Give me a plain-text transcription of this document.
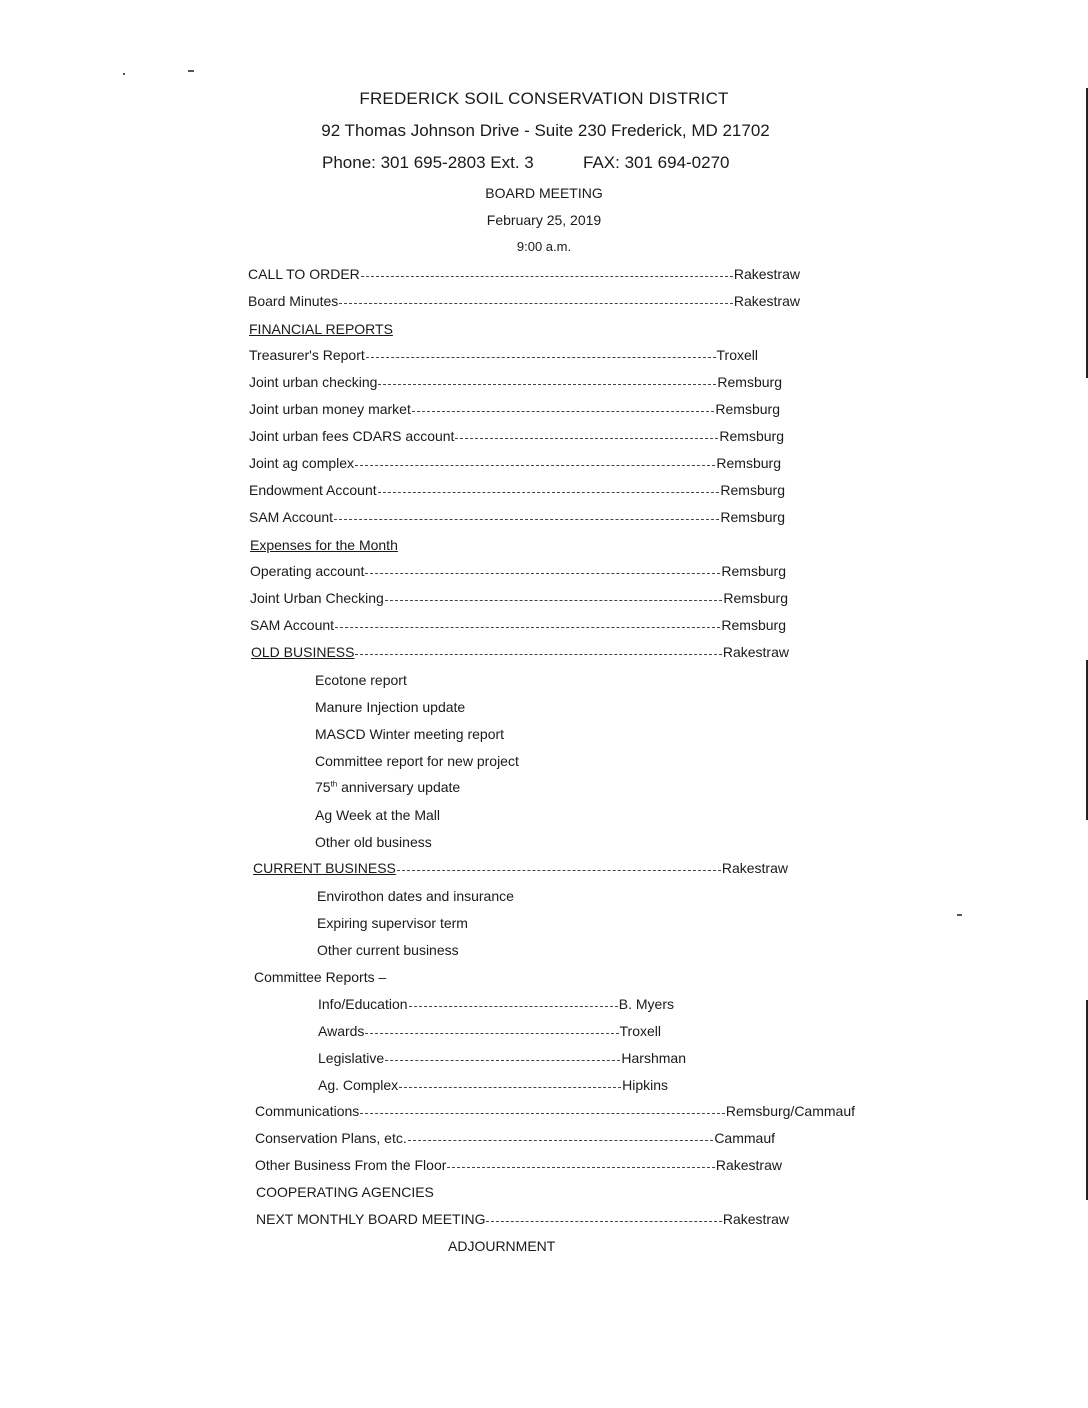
FREDERICK SOIL CONSERVATION DISTRICT
92 Thomas Johnson Drive - Suite 230 Frederick, MD 21702
Phone: 301 695-2803 Ext. 3	FAX: 301 694-0270
BOARD MEETING
February 25, 2019
9:00 a.m.
CALL TO ORDER	Rakestraw
Board Minutes	Rakestraw
FINANCIAL REPORTS
Treasurer's Report	Troxell
Joint urban checking	Remsburg
Joint urban money market	Remsburg
Joint urban fees CDARS account	Remsburg
Joint ag complex	Remsburg
Endowment Account	Remsburg
SAM Account	Remsburg
Expenses for the Month
Operating account	Remsburg
Joint Urban Checking	Remsburg
SAM Account	Remsburg
OLD BUSINESS	Rakestraw
Ecotone report
Manure Injection update
MASCD Winter meeting report
Committee report for new project
75th anniversary update
Ag Week at the Mall
Other old business
CURRENT BUSINESS	Rakestraw
Envirothon dates and insurance
Expiring supervisor term
Other current business
Committee Reports –
Info/Education	B. Myers
Awards	Troxell
Legislative	Harshman
Ag. Complex	Hipkins
Communications	Remsburg/Cammauf
Conservation Plans, etc.	Cammauf
Other Business From the Floor	Rakestraw
COOPERATING AGENCIES
NEXT MONTHLY BOARD MEETING	Rakestraw
ADJOURNMENT
